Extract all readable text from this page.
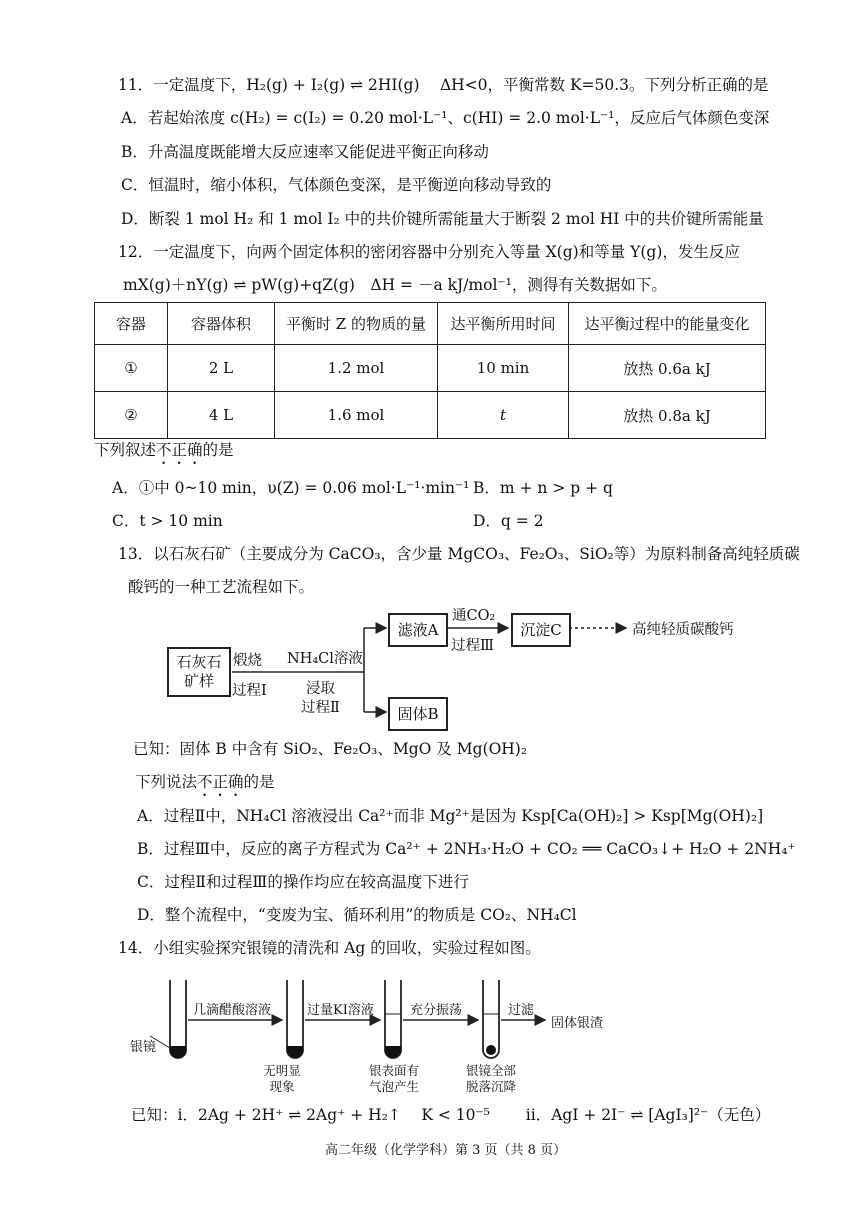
11．一定温度下，H₂(g) + I₂(g) ⇌ 2HI(g)　 ΔH<0，平衡常数 K=50.3。下列分析正确的是
A．若起始浓度 c(H₂) = c(I₂) = 0.20 mol·L⁻¹、c(HI) = 2.0 mol·L⁻¹，反应后气体颜色变深
B．升高温度既能增大反应速率又能促进平衡正向移动
C．恒温时，缩小体积，气体颜色变深，是平衡逆向移动导致的
D．断裂 1 mol H₂ 和 1 mol I₂ 中的共价键所需能量大于断裂 2 mol HI 中的共价键所需能量
12．一定温度下，向两个固定体积的密闭容器中分别充入等量 X(g)和等量 Y(g)，发生反应
mX(g)＋nY(g) ⇌ pW(g)+qZ(g)　ΔH = －a kJ/mol⁻¹，测得有关数据如下。
容器	容器体积	平衡时 Z 的物质的量	达平衡所用时间	达平衡过程中的能量变化
①	2 L	1.2 mol	10 min	放热 0.6a kJ
②	4 L	1.6 mol	t	放热 0.8a kJ
下列叙述不正确的是
A．①中 0~10 min，υ(Z) = 0.06 mol·L⁻¹·min⁻¹ B．m + n > p + q
C．t > 10 min	D．q = 2
13．以石灰石矿（主要成分为 CaCO₃，含少量 MgCO₃、Fe₂O₃、SiO₂等）为原料制备高纯轻质碳
酸钙的一种工艺流程如下。
石灰石矿样
煅烧
过程Ⅰ
NH₄Cl溶液
浸取
过程Ⅱ
滤液A
通CO₂
过程Ⅲ
沉淀C	高纯轻质碳酸钙
固体B
已知：固体 B 中含有 SiO₂、Fe₂O₃、MgO 及 Mg(OH)₂
下列说法不正确的是
A．过程Ⅱ中，NH₄Cl 溶液浸出 Ca²⁺而非 Mg²⁺是因为 Ksp[Ca(OH)₂] > Ksp[Mg(OH)₂]
B．过程Ⅲ中，反应的离子方程式为 Ca²⁺ + 2NH₃·H₂O + CO₂ ══ CaCO₃↓+ H₂O + 2NH₄⁺
C．过程Ⅱ和过程Ⅲ的操作均应在较高温度下进行
D．整个流程中，“变废为宝、循环利用”的物质是 CO₂、NH₄Cl
14．小组实验探究银镜的清洗和 Ag 的回收，实验过程如图。
银镜
几滴醋酸溶液	过量KI溶液	充分振荡	过滤
固体银渣
无明显现象
银表面有气泡产生
银镜全部脱落沉降
已知：i．2Ag + 2H⁺ ⇌ 2Ag⁺ + H₂↑　 K < 10⁻⁵　　 ii．AgI + 2I⁻ ⇌ [AgI₃]²⁻（无色）
高二年级（化学学科）第 3 页（共 8 页）
